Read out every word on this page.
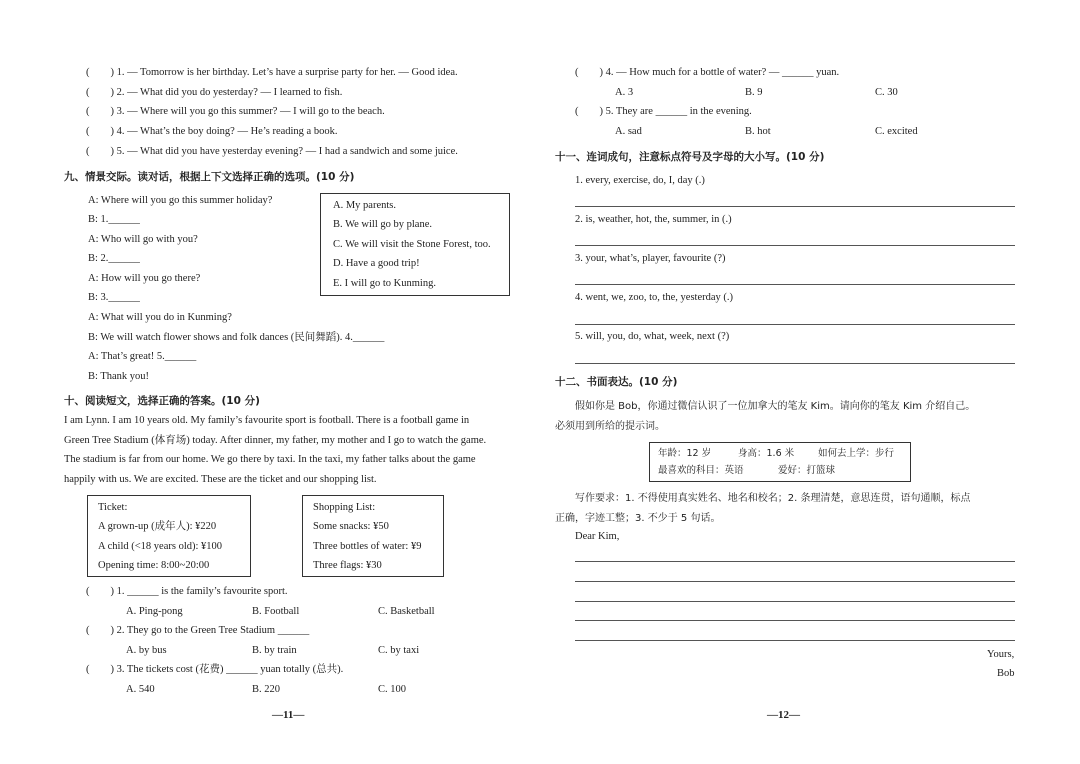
(　　) 1. — Tomorrow is her birthday. Let’s have a surprise party for her. — Good idea.
(　　) 2. — What did you do yesterday? — I learned to fish.
(　　) 3. — Where will you go this summer? — I will go to the beach.
(　　) 4. — What’s the boy doing? — He’s reading a book.
(　　) 5. — What did you have yesterday evening? — I had a sandwich and some juice.
九、情景交际。读对话，根据上下文选择正确的选项。(10 分)
A: Where will you go this summer holiday?
B: 1.______
A: Who will go with you?
B: 2.______
A: How will you go there?
B: 3.______
A: What will you do in Kunming?
B: We will watch flower shows and folk dances (民间舞蹈). 4.______
A: That’s great! 5.______
B: Thank you!
A. My parents.
B. We will go by plane.
C. We will visit the Stone Forest, too.
D. Have a good trip!
E. I will go to Kunming.
十、阅读短文，选择正确的答案。(10 分)
I am Lynn. I am 10 years old. My family’s favourite sport is football. There is a football game in
Green Tree Stadium (体育场) today. After dinner, my father, my mother and I go to watch the game.
The stadium is far from our home. We go there by taxi. In the taxi, my father talks about the game
happily with us. We are excited. These are the ticket and our shopping list.
Ticket:
A grown-up (成年人): ¥220
A child (<18 years old): ¥100
Opening time: 8:00~20:00
Shopping List:
Some snacks: ¥50
Three bottles of water: ¥9
Three flags: ¥30
(　　) 1. ______ is the family’s favourite sport.
A. Ping-pong	B. Football	C. Basketball
(　　) 2. They go to the Green Tree Stadium ______
A. by bus	B. by train	C. by taxi
(　　) 3. The tickets cost (花费) ______ yuan totally (总共).
A. 540	B. 220	C. 100
—11—
(　　) 4. — How much for a bottle of water? — ______ yuan.
A. 3	B. 9	C. 30
(　　) 5. They are ______ in the evening.
A. sad	B. hot	C. excited
十一、连词成句，注意标点符号及字母的大小写。(10 分)
1. every, exercise, do, I, day (.)
2. is, weather, hot, the, summer, in (.)
3. your, what’s, player, favourite (?)
4. went, we, zoo, to, the, yesterday (.)
5. will, you, do, what, week, next (?)
十二、书面表达。(10 分)
假如你是 Bob，你通过微信认识了一位加拿大的笔友 Kim。请向你的笔友 Kim 介绍自己。
必须用到所给的提示词。
年龄：12 岁	身高：1.6 米	如何去上学：步行
最喜欢的科目：英语	爱好：打篮球
写作要求：1. 不得使用真实姓名、地名和校名；2. 条理清楚，意思连贯，语句通顺，标点
正确，字迹工整；3. 不少于 5 句话。
Dear Kim,
Yours,
Bob
—12—
